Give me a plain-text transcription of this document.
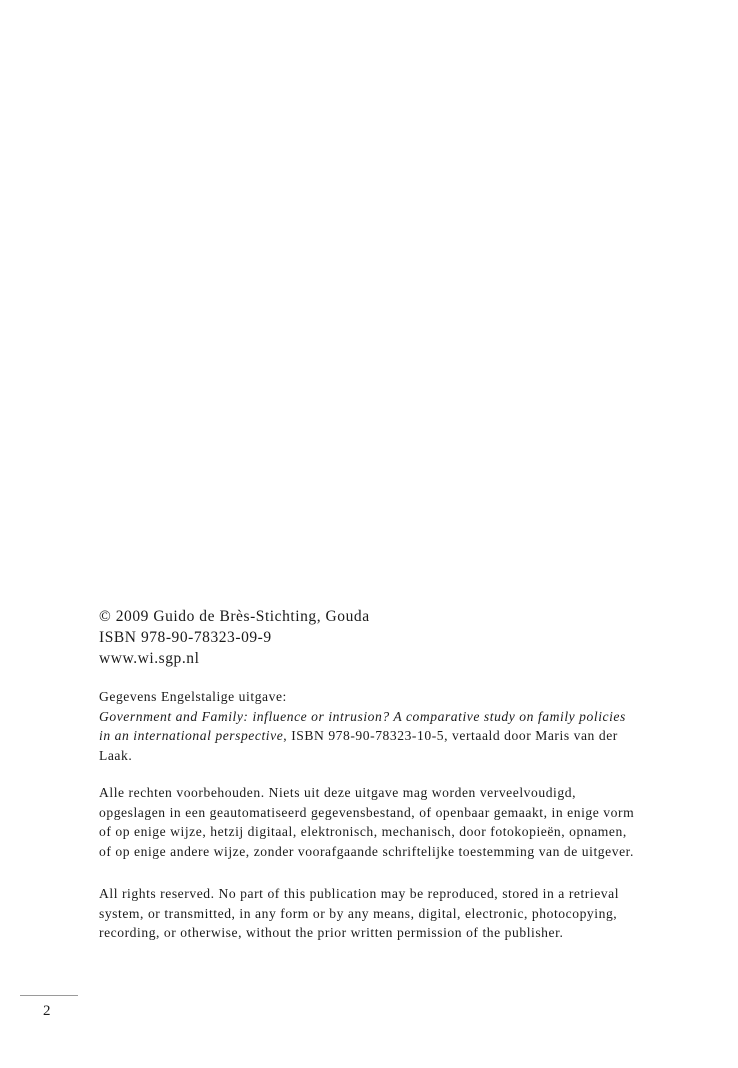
© 2009 Guido de Brès-Stichting, Gouda
ISBN 978-90-78323-09-9
www.wi.sgp.nl
Gegevens Engelstalige uitgave:
Government and Family: influence or intrusion? A comparative study on family policies in an international perspective, ISBN 978-90-78323-10-5, vertaald door Maris van der Laak.
Alle rechten voorbehouden. Niets uit deze uitgave mag worden verveelvoudigd, opgeslagen in een geautomatiseerd gegevensbestand, of openbaar gemaakt, in enige vorm of op enige wijze, hetzij digitaal, elektronisch, mechanisch, door fotokopieën, opnamen, of op enige andere wijze, zonder voorafgaande schriftelijke toestemming van de uitgever.
All rights reserved. No part of this publication may be reproduced, stored in a retrieval system, or transmitted, in any form or by any means, digital, electronic, photocopying, recording, or otherwise, without the prior written permission of the publisher.
2
